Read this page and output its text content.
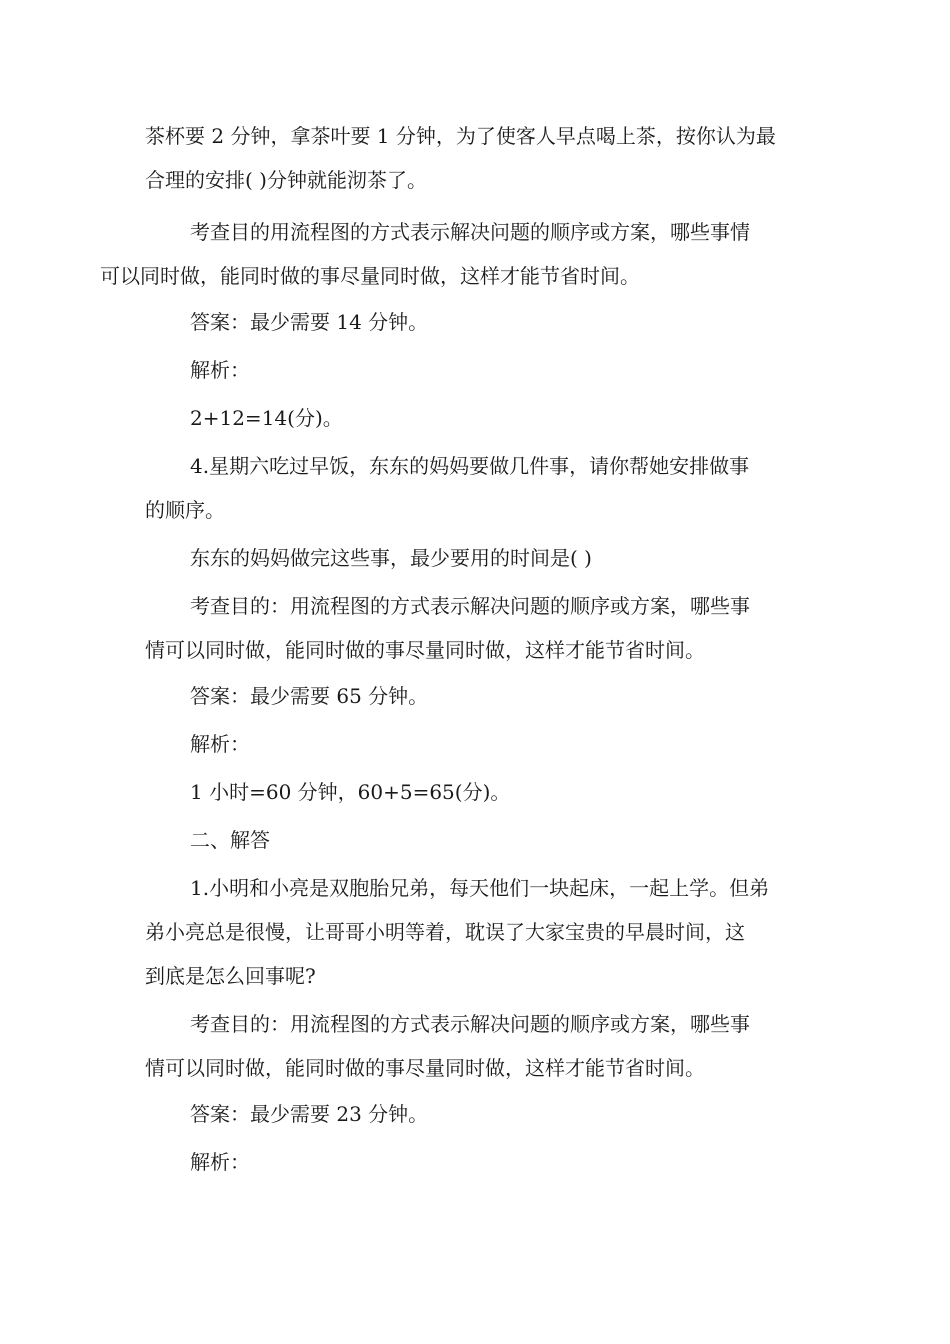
茶杯要 2 分钟，拿茶叶要 1 分钟，为了使客人早点喝上茶，按你认为最
合理的安排( )分钟就能沏茶了。

考查目的用流程图的方式表示解决问题的顺序或方案，哪些事情
可以同时做，能同时做的事尽量同时做，这样才能节省时间。

答案：最少需要 14 分钟。

解析：

2+12=14(分)。

4.星期六吃过早饭，东东的妈妈要做几件事，请你帮她安排做事
的顺序。

东东的妈妈做完这些事，最少要用的时间是( )

考查目的：用流程图的方式表示解决问题的顺序或方案，哪些事
情可以同时做，能同时做的事尽量同时做，这样才能节省时间。

答案：最少需要 65 分钟。

解析：

1 小时=60 分钟，60+5=65(分)。

二、解答

1.小明和小亮是双胞胎兄弟，每天他们一块起床，一起上学。但弟
弟小亮总是很慢，让哥哥小明等着，耽误了大家宝贵的早晨时间，这
到底是怎么回事呢?

考查目的：用流程图的方式表示解决问题的顺序或方案，哪些事
情可以同时做，能同时做的事尽量同时做，这样才能节省时间。

答案：最少需要 23 分钟。

解析：
